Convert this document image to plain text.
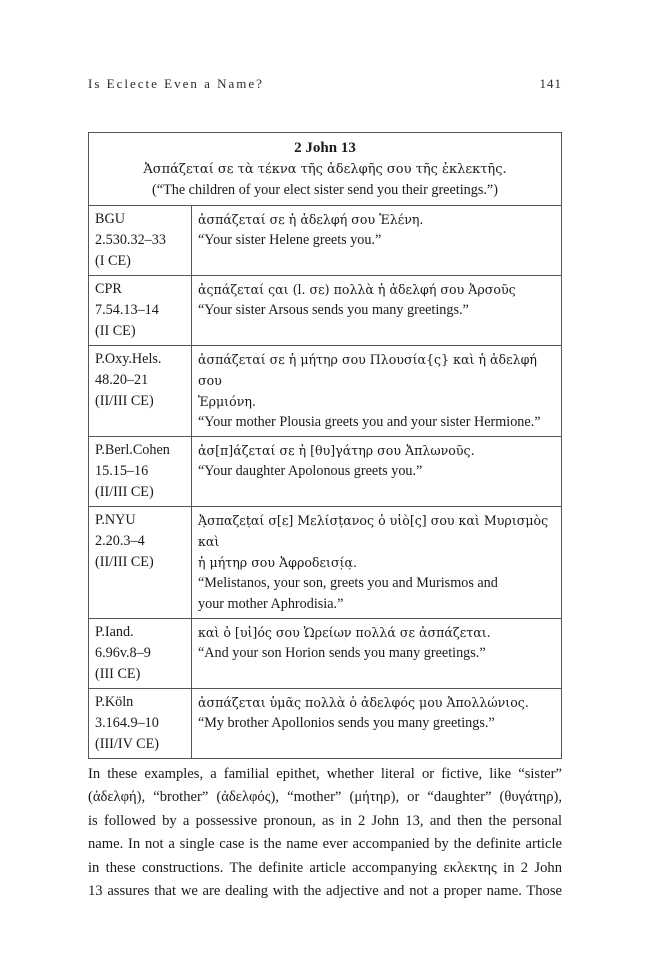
Is Eclecte Even a Name?	141
2 John 13
Ἀσπάζεταί σε τὰ τέκνα τῆς ἀδελφῆς σου τῆς ἐκλεκτῆς.
(“The children of your elect sister send you their greetings.”)	

BGU
2.530.32–33
(I CE)	ἀσπάζεταί σε ἡ ἀδελφή σου Ἑλένη.
“Your sister Helene greets you.”

CPR
7.54.13–14
(II CE)	ἀςπάζεταί ςαι (l. σε) πολλὰ ἡ ἀδελφή σου Ἀρσοῦς
“Your sister Arsous sends you many greetings.”

P.Oxy.Hels.
48.20–21
(II/III CE)	ἀσπάζεταί σε ἡ μήτηρ σου Πλουσία{ς} καὶ ἡ ἀδελφή σου
Ἑρμιόνη.
“Your mother Plousia greets you and your sister Hermione.”

P.Berl.Cohen
15.15–16
(II/III CE)	ἀσ[π]άζεταί σε ἡ [θυ]γάτηρ σου Ἀπλωνοῦς.
“Your daughter Apolonous greets you.”

P.NYU
2.20.3–4
(II/III CE)	Ἀ̣σπαζεṭαί σ[ε] Μελίσṭανος ὁ υἱὸ[ς] σου καὶ Μυρισμὸς καὶ
ἡ μήτηρ σου Ἀφροδεισί̣α̣.
“Melistanos, your son, greets you and Murismos and
your mother Aphrodisia.”

P.Iand.
6.96v.8–9
(III CE)	καὶ ὁ [υἱ]ός σου Ὡρείων πολλά σε ἀσπάζεται.
“And your son Horion sends you many greetings.”

P.Köln
3.164.9–10
(III/IV CE)	ἀσπάζεται ὑμᾶς πολλὰ ὁ ἀδελφός μου Ἀπολλώνιος.
“My brother Apollonios sends you many greetings.”

In these examples, a familial epithet, whether literal or fictive, like “sister”
(ἀδελφή), “brother” (ἀδελφός), “mother” (μήτηρ), or “daughter” (θυγάτηρ),
is followed by a possessive pronoun, as in 2 John 13, and then the personal
name. In not a single case is the name ever accompanied by the definite article
in these constructions. The definite article accompanying εκλεκτης in 2 John
13 assures that we are dealing with the adjective and not a proper name. Those
